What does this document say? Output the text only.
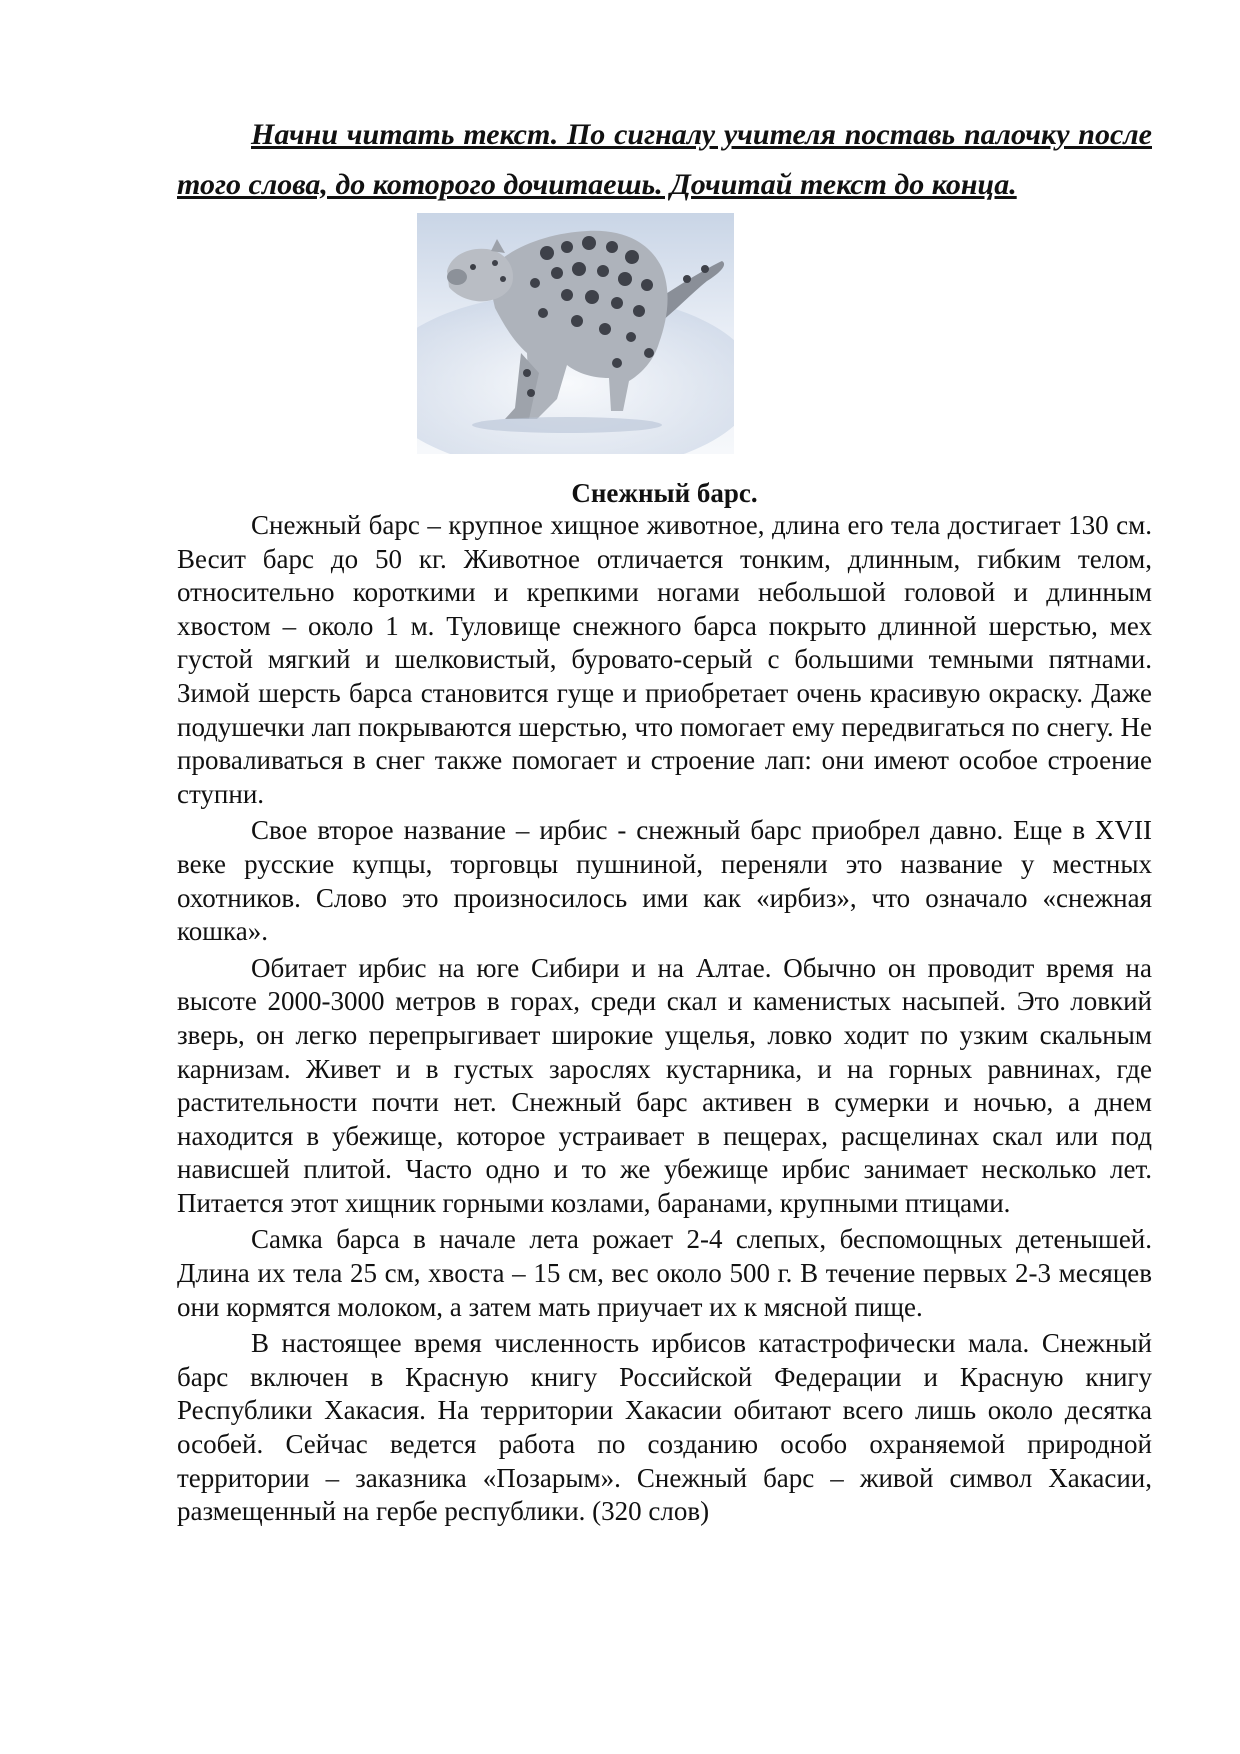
Начни читать текст. По сигналу учителя поставь палочку после того слова, до которого дочитаешь. Дочитай текст до конца.
Снежный барс.

Снежный барс – крупное хищное животное, длина его тела достигает 130 см. Весит барс до 50 кг. Животное отличается тонким, длинным, гибким телом, относительно короткими и крепкими ногами небольшой головой и длинным хвостом – около 1 м. Туловище снежного барса покрыто длинной шерстью, мех густой мягкий и шелковистый, буровато-серый с большими темными пятнами. Зимой шерсть барса становится гуще и приобретает очень красивую окраску. Даже подушечки лап покрываются шерстью, что помогает ему передвигаться по снегу. Не проваливаться в снег также помогает и строение лап: они имеют особое строение ступни.

Свое второе название – ирбис - снежный барс приобрел давно. Еще в XVII веке русские купцы, торговцы пушниной, переняли это название у местных охотников. Слово это произносилось ими как «ирбиз», что означало «снежная кошка».

Обитает ирбис на юге Сибири и на Алтае. Обычно он проводит время на высоте 2000-3000 метров в горах, среди скал и каменистых насыпей. Это ловкий зверь, он легко перепрыгивает широкие ущелья, ловко ходит по узким скальным карнизам. Живет и в густых зарослях кустарника, и на горных равнинах, где растительности почти нет. Снежный барс активен в сумерки и ночью, а днем находится в убежище, которое устраивает в пещерах, расщелинах скал или под нависшей плитой. Часто одно и то же убежище ирбис занимает несколько лет. Питается этот хищник горными козлами, баранами, крупными птицами.

Самка барса в начале лета рожает 2-4 слепых, беспомощных детенышей. Длина их тела 25 см, хвоста – 15 см, вес около 500 г. В течение первых 2-3 месяцев они кормятся молоком, а затем мать приучает их к мясной пище.

В настоящее время численность ирбисов катастрофически мала. Снежный барс включен в Красную книгу Российской Федерации и Красную книгу Республики Хакасия. На территории Хакасии обитают всего лишь около десятка особей. Сейчас ведется работа по созданию особо охраняемой природной территории – заказника «Позарым». Снежный барс – живой символ Хакасии, размещенный на гербе республики. (320 слов)
